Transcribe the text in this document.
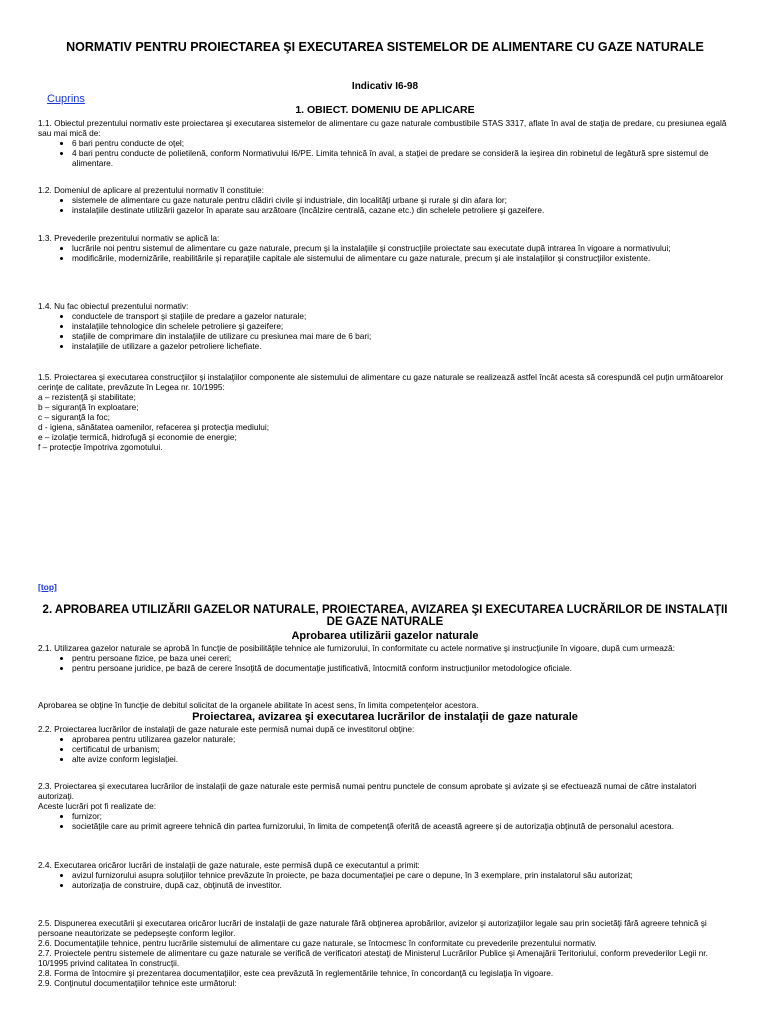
NORMATIV PENTRU PROIECTAREA ŞI EXECUTAREA SISTEMELOR DE ALIMENTARE CU GAZE NATURALE
Indicativ I6-98
Cuprins
1. OBIECT. DOMENIU DE APLICARE
1.1. Obiectul prezentului normativ este proiectarea şi executarea sistemelor de alimentare cu gaze naturale combustibile STAS 3317, aflate în aval de staţia de predare, cu presiunea egală sau mai mică de:
• 6 bari pentru conducte de oţel;
• 4 bari pentru conducte de polietilenă, conform Normativului I6/PE. Limita tehnică în aval, a staţiei de predare se consideră la ieşirea din robinetul de legătură spre sistemul de alimentare.
1.2. Domeniul de aplicare al prezentului normativ îl constituie:
• sistemele de alimentare cu gaze naturale pentru clădiri civile şi industriale, din localităţi urbane şi rurale şi din afara lor;
• instalaţiile destinate utilizării gazelor în aparate sau arzătoare (încălzire centrală, cazane etc.) din schelele petroliere şi gazeifere.
1.3. Prevederile prezentului normativ se aplică la:
• lucrările noi pentru sistemul de alimentare cu gaze naturale, precum şi la instalaţiile şi construcţiile proiectate sau executate după intrarea în vigoare a normativului;
• modificările, modernizările, reabilitările şi reparaţiile capitale ale sistemului de alimentare cu gaze naturale, precum şi ale instalaţiilor şi construcţiilor existente.
1.4. Nu fac obiectul prezentului normativ:
• conductele de transport şi staţiile de predare a gazelor naturale;
• instalaţiile tehnologice din schelele petroliere şi gazeifere;
• staţiile de comprimare din instalaţiile de utilizare cu presiunea mai mare de 6 bari;
• instalaţiile de utilizare a gazelor petroliere lichefiate.
1.5. Proiectarea şi executarea construcţiilor şi instalaţiilor componente ale sistemului de alimentare cu gaze naturale se realizează astfel încât acesta să corespundă cel puţin următoarelor cerinţe de calitate, prevăzute în Legea nr. 10/1995:
a – rezistenţă şi stabilitate;
b – siguranţă în exploatare;
c – siguranţă la foc;
d - igiena, sănătatea oamenilor, refacerea şi protecţia mediului;
e – izolaţie termică, hidrofugă şi economie de energie;
f – protecţie împotriva zgomotului.
[top]
2. APROBAREA UTILIZĂRII GAZELOR NATURALE, PROIECTAREA, AVIZAREA ŞI EXECUTAREA LUCRĂRILOR DE INSTALAŢII DE GAZE NATURALE
Aprobarea utilizării gazelor naturale
2.1. Utilizarea gazelor naturale se aprobă în funcţie de posibilităţile tehnice ale furnizorului, în conformitate cu actele normative şi instrucţiunile în vigoare, după cum urmează:
• pentru persoane fizice, pe baza unei cereri;
• pentru persoane juridice, pe bază de cerere însoţită de documentaţie justificativă, întocmită conform instrucţiunilor metodologice oficiale.
Aprobarea se obţine în funcţie de debitul solicitat de la organele abilitate în acest sens, în limita competenţelor acestora.
Proiectarea, avizarea şi executarea lucrărilor de instalaţii de gaze naturale
2.2. Proiectarea lucrărilor de instalaţii de gaze naturale este permisă numai după ce investitorul obţine:
• aprobarea pentru utilizarea gazelor naturale;
• certificatul de urbanism;
• alte avize conform legislaţiei.
2.3. Proiectarea şi executarea lucrărilor de instalaţii de gaze naturale este permisă numai pentru punctele de consum aprobate şi avizate şi se efectuează numai de către instalatori autorizaţi.
Aceste lucrări pot fi realizate de:
• furnizor;
• societăţile care au primit agreere tehnică din partea furnizorului, în limita de competenţă oferită de această agreere şi de autorizaţia obţinută de personalul acestora.
2.4. Executarea oricăror lucrări de instalaţii de gaze naturale, este permisă după ce executantul a primit:
• avizul furnizorului asupra soluţiilor tehnice prevăzute în proiecte, pe baza documentaţiei pe care o depune, în 3 exemplare, prin instalatorul său autorizat;
• autorizaţia de construire, după caz, obţinută de investitor.
2.5. Dispunerea executării şi executarea oricăror lucrări de instalaţii de gaze naturale fără obţinerea aprobărilor, avizelor şi autorizaţiilor legale sau prin societăţi fără agreere tehnică şi persoane neautorizate se pedepseşte conform legilor.
2.6. Documentaţiile tehnice, pentru lucrările sistemului de alimentare cu gaze naturale, se întocmesc în conformitate cu prevederile prezentului normativ.
2.7. Proiectele pentru sistemele de alimentare cu gaze naturale se verifică de verificatori atestaţi de Ministerul Lucrărilor Publice şi Amenajării Teritoriului, conform prevederilor Legii nr. 10/1995 privind calitatea în construcţii.
2.8. Forma de întocmire şi prezentarea documentaţiilor, este cea prevăzută în reglementările tehnice, în concordanţă cu legislaţia în vigoare.
2.9. Conţinutul documentaţiilor tehnice este următorul:
